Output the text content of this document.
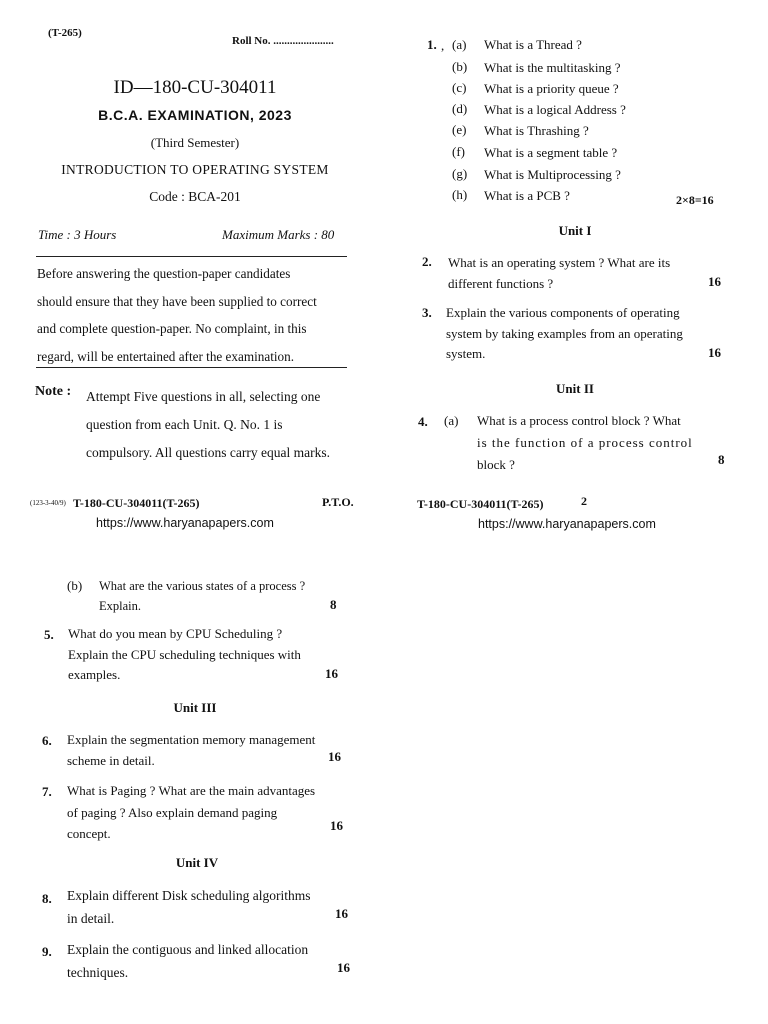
(T-265)
Roll No. ......................
ID—180-CU-304011
B.C.A. EXAMINATION, 2023
(Third Semester)
INTRODUCTION TO OPERATING SYSTEM
Code : BCA-201
Time : 3 Hours	Maximum Marks : 80
Before answering the question-paper candidates
should ensure that they have been supplied to correct
and complete question-paper. No complaint, in this
regard, will be entertained after the examination.
Note : Attempt Five questions in all, selecting one
question from each Unit. Q. No. 1 is
compulsory. All questions carry equal marks.
(123-3-40/9) T-180-CU-304011(T-265)	P.T.O.
https://www.haryanapapers.com
1. , (a) What is a Thread ?
(b) What is the multitasking ?
(c) What is a priority queue ?
(d) What is a logical Address ?
(e) What is Thrashing ?
(f) What is a segment table ?
(g) What is Multiprocessing ?
(h) What is a PCB ?	2×8=16
Unit I
2. What is an operating system ? What are its
different functions ?	16
3. Explain the various components of operating
system by taking examples from an operating
system.	16
Unit II
4. (a) What is a process control block ? What
is the function of a process control
block ?	8
T-180-CU-304011(T-265)	2
https://www.haryanapapers.com
(b) What are the various states of a process ?
Explain.	8
5. What do you mean by CPU Scheduling ?
Explain the CPU scheduling techniques with
examples.	16
Unit III
6. Explain the segmentation memory management
scheme in detail.	16
7. What is Paging ? What are the main advantages
of paging ? Also explain demand paging
concept.
16
Unit IV
8. Explain different Disk scheduling algorithms
in detail.	16
9. Explain the contiguous and linked allocation
techniques.	16
